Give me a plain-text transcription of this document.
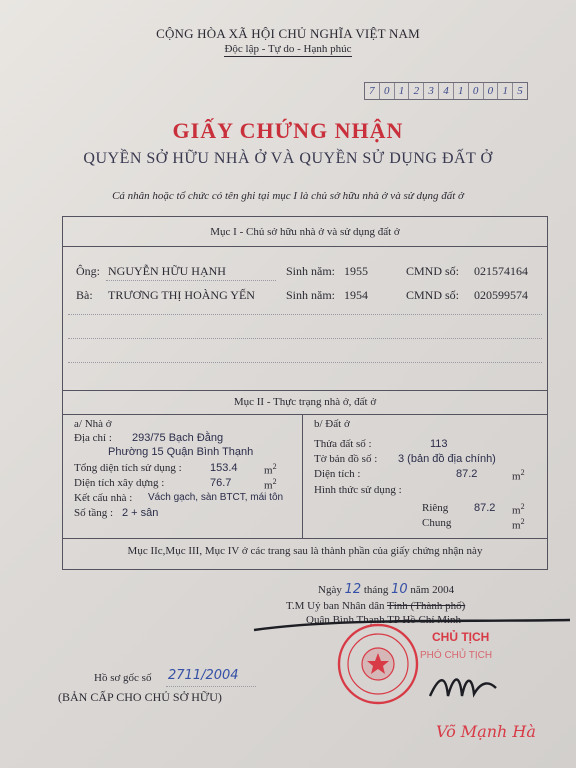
CỘNG HÒA XÃ HỘI CHỦ NGHĨA VIỆT NAM
Độc lập - Tự do - Hạnh phúc
7 0 1 2 3 4 1 0 0 1 5
GIẤY CHỨNG NHẬN
QUYỀN SỞ HỮU NHÀ Ở VÀ QUYỀN SỬ DỤNG ĐẤT Ở
Cá nhân hoặc tổ chức có tên ghi tại mục I là chủ sở hữu nhà ở và sử dụng đất ở
Mục I - Chủ sở hữu nhà ở và sử dụng đất ở
Ông: NGUYỄN HỮU HẠNH	Sinh năm: 1955	CMND số: 021574164
Bà: TRƯƠNG THỊ HOÀNG YẾN	Sinh năm: 1954	CMND số: 020599574
Mục II - Thực trạng nhà ở, đất ở
a/ Nhà ở
Địa chỉ : 293/75 Bạch Đằng
Phường 15 Quận Bình Thạnh
Tổng diện tích sử dụng :	153.4 $m^2$
Diện tích xây dựng :	76.7	$m^2$
Kết cấu nhà : Vách gạch, sàn BTCT, mái tôn
Số tầng : 2 + sân
b/ Đất ở
Thửa đất số :	113
Tờ bản đồ số : 3 (bản đồ địa chính)
Diện tích :	87.2	$m^2$
Hình thức sử dụng :
Riêng 87.2 $m^2$
Chung	$m^2$
Mục IIc,Mục III, Mục IV ở các trang sau là thành phần của giấy chứng nhận này
Ngày 12 tháng 10 năm 2004
T.M Uỷ ban Nhân dân Tỉnh (Thành phố)
Quận Bình Thạnh TP Hồ Chí Minh
CHỦ TỊCH
PHÓ CHỦ TỊCH
Võ Mạnh Hà
Hồ sơ gốc số 2711/2004
(BẢN CẤP CHO CHỦ SỞ HỮU)
